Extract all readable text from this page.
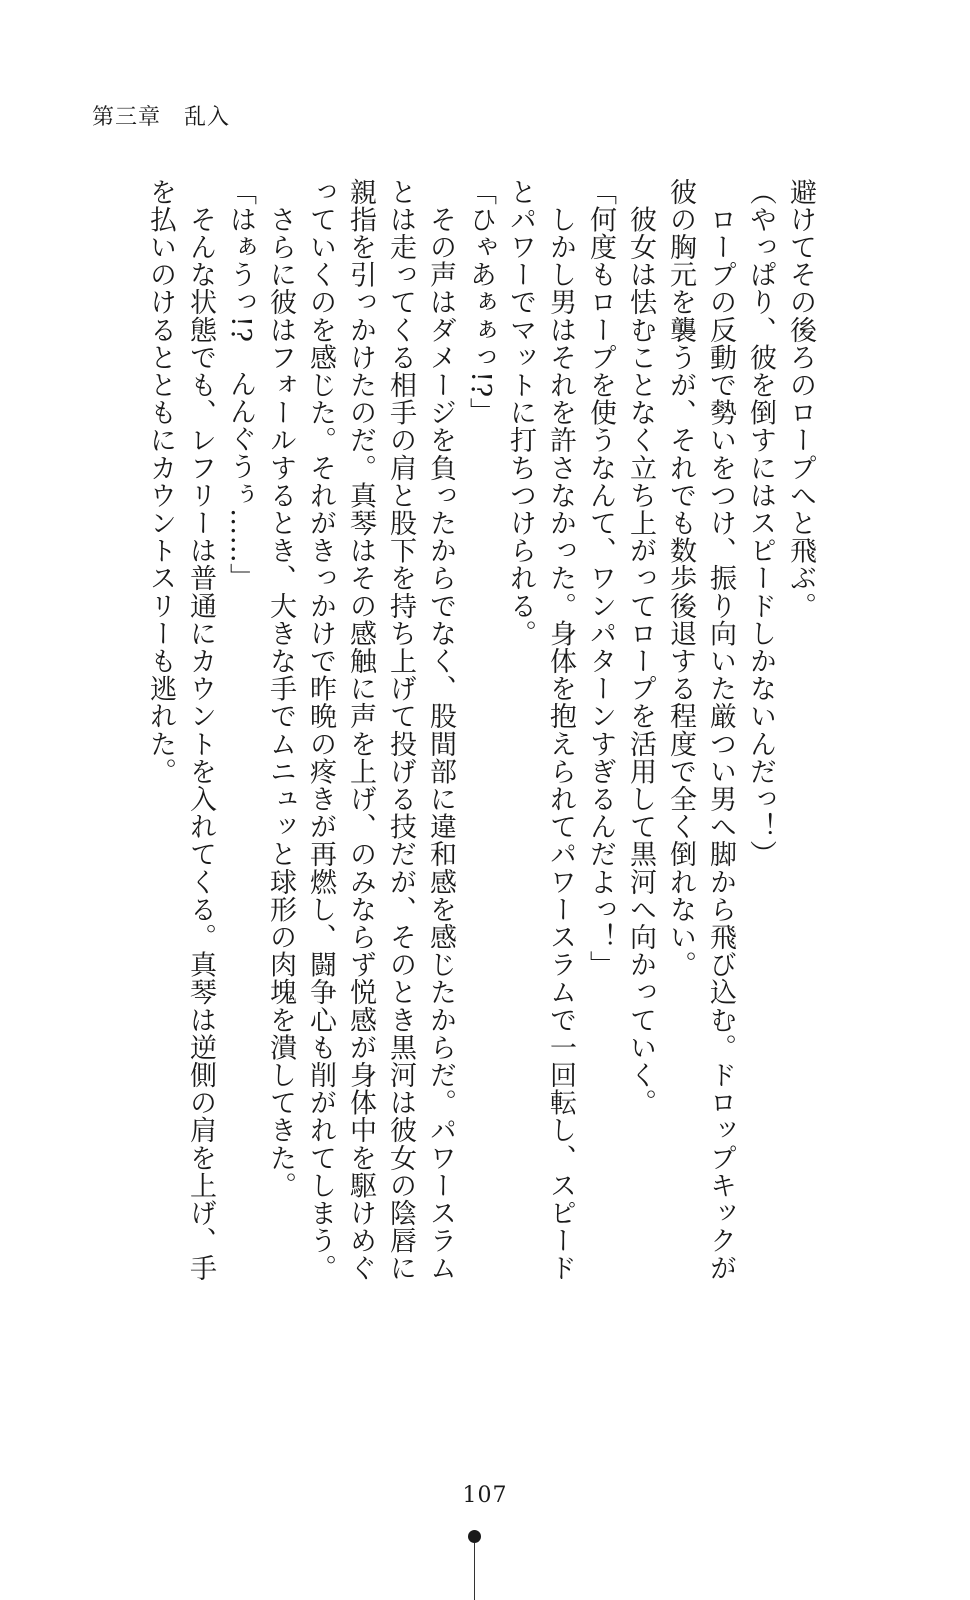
第三章　乱入

避けてその後ろのロープへと飛ぶ。

（やっぱり、彼を倒すにはスピードしかないんだっ！）

　ロープの反動で勢いをつけ、振り向いた厳つい男へ脚から飛び込む。ドロップキックが

彼の胸元を襲うが、それでも数歩後退する程度で全く倒れない。

　彼女は怯むことなく立ち上がってロープを活用して黒河へ向かっていく。

「何度もロープを使うなんて、ワンパターンすぎるんだよっ！」

　しかし男はそれを許さなかった。身体を抱えられてパワースラムで一回転し、スピード

とパワーでマットに打ちつけられる。

「ひゃあぁぁっ!?」

　その声はダメージを負ったからでなく、股間部に違和感を感じたからだ。パワースラム

とは走ってくる相手の肩と股下を持ち上げて投げる技だが、そのとき黒河は彼女の陰唇に

親指を引っかけたのだ。真琴はその感触に声を上げ、のみならず悦感が身体中を駆けめぐ

っていくのを感じた。それがきっかけで昨晩の疼きが再燃し、闘争心も削がれてしまう。

　さらに彼はフォールするとき、大きな手でムニュッと球形の肉塊を潰してきた。

「はぁうっ!?　んんぐうぅ……」

　そんな状態でも、レフリーは普通にカウントを入れてくる。真琴は逆側の肩を上げ、手

を払いのけるとともにカウントスリーも逃れた。

107
